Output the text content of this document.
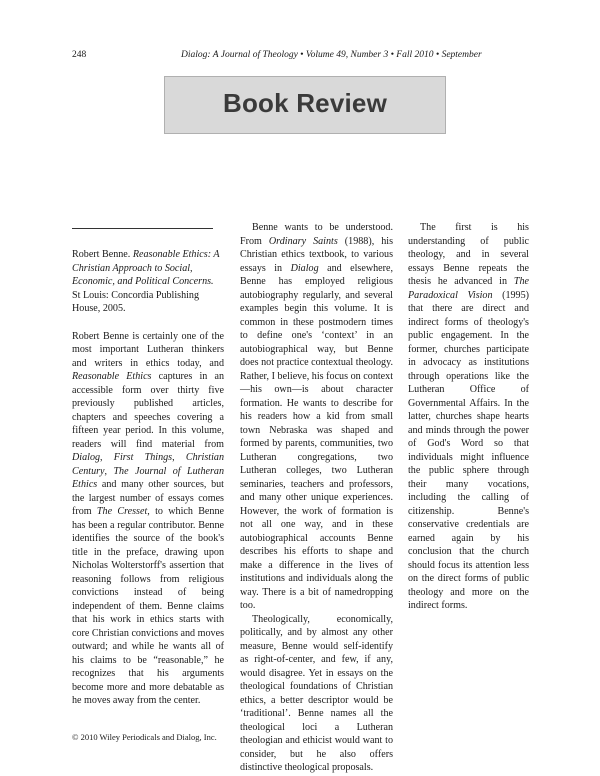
248	Dialog: A Journal of Theology • Volume 49, Number 3 • Fall 2010 • September
Book Review

Robert Benne. Reasonable Ethics: A Christian Approach to Social, Economic, and Political Concerns. St Louis: Concordia Publishing House, 2005.

Robert Benne is certainly one of the most important Lutheran thinkers and writers in ethics today, and Reasonable Ethics captures in an accessible form over thirty five previously published articles, chapters and speeches covering a fifteen year period. In this volume, readers will find material from Dialog, First Things, Christian Century, The Journal of Lutheran Ethics and many other sources, but the largest number of essays comes from The Cresset, to which Benne has been a regular contributor. Benne identifies the source of the book's title in the preface, drawing upon Nicholas Wolterstorff's assertion that reasoning follows from religious convictions instead of being independent of them. Benne claims that his work in ethics starts with core Christian convictions and moves outward; and while he wants all of his claims to be “reasonable,” he recognizes that his arguments become more and more debatable as he moves away from the center.

Benne wants to be understood. From Ordinary Saints (1988), his Christian ethics textbook, to various essays in Dialog and elsewhere, Benne has employed religious autobiography regularly, and several examples begin this volume. It is common in these postmodern times to define one's ‘context’ in an autobiographical way, but Benne does not practice contextual theology. Rather, I believe, his focus on context—his own—is about character formation. He wants to describe for his readers how a kid from small town Nebraska was shaped and formed by parents, communities, two Lutheran congregations, two Lutheran colleges, two Lutheran seminaries, teachers and professors, and many other unique experiences. However, the work of formation is not all one way, and in these autobiographical accounts Benne describes his efforts to shape and make a difference in the lives of institutions and individuals along the way. There is a bit of namedropping too.

Theologically, economically, politically, and by almost any other measure, Benne would self-identify as right-of-center, and few, if any, would disagree. Yet in essays on the theological foundations of Christian ethics, a better descriptor would be ‘traditional’. Benne names all the theological loci a Lutheran theologian and ethicist would want to consider, but he also offers distinctive theological proposals.

The first is his understanding of public theology, and in several essays Benne repeats the thesis he advanced in The Paradoxical Vision (1995) that there are direct and indirect forms of theology's public engagement. In the former, churches participate in advocacy as institutions through operations like the Lutheran Office of Governmental Affairs. In the latter, churches shape hearts and minds through the power of God's Word so that individuals might influence the public sphere through their many vocations, including the calling of citizenship. Benne's conservative credentials are earned again by his conclusion that the church should focus its attention less on the direct forms of public theology and more on the indirect forms.

© 2010 Wiley Periodicals and Dialog, Inc.
